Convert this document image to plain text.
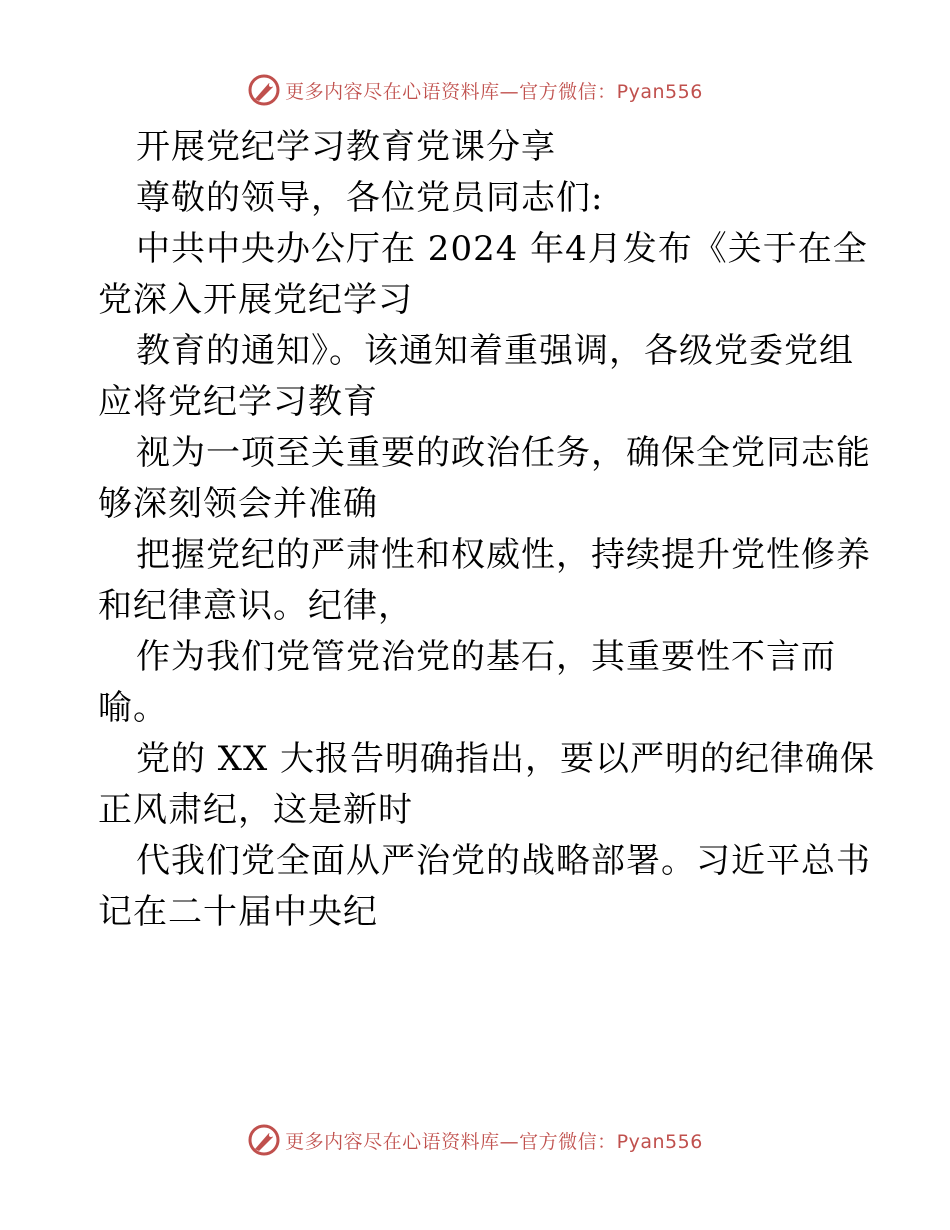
更多内容尽在心语资料库—官方微信：Pyan556
开展党纪学习教育党课分享
尊敬的领导，各位党员同志们:
中共中央办公厅在 2024 年4月发布《关于在全
党深入开展党纪学习
教育的通知》。该通知着重强调，各级党委党组
应将党纪学习教育
视为一项至关重要的政治任务，确保全党同志能
够深刻领会并准确
把握党纪的严肃性和权威性，持续提升党性修养
和纪律意识。纪律，
作为我们党管党治党的基石，其重要性不言而
喻。
党的 XX 大报告明确指出，要以严明的纪律确保
正风肃纪，这是新时
代我们党全面从严治党的战略部署。习近平总书
记在二十届中央纪
更多内容尽在心语资料库—官方微信：Pyan556
